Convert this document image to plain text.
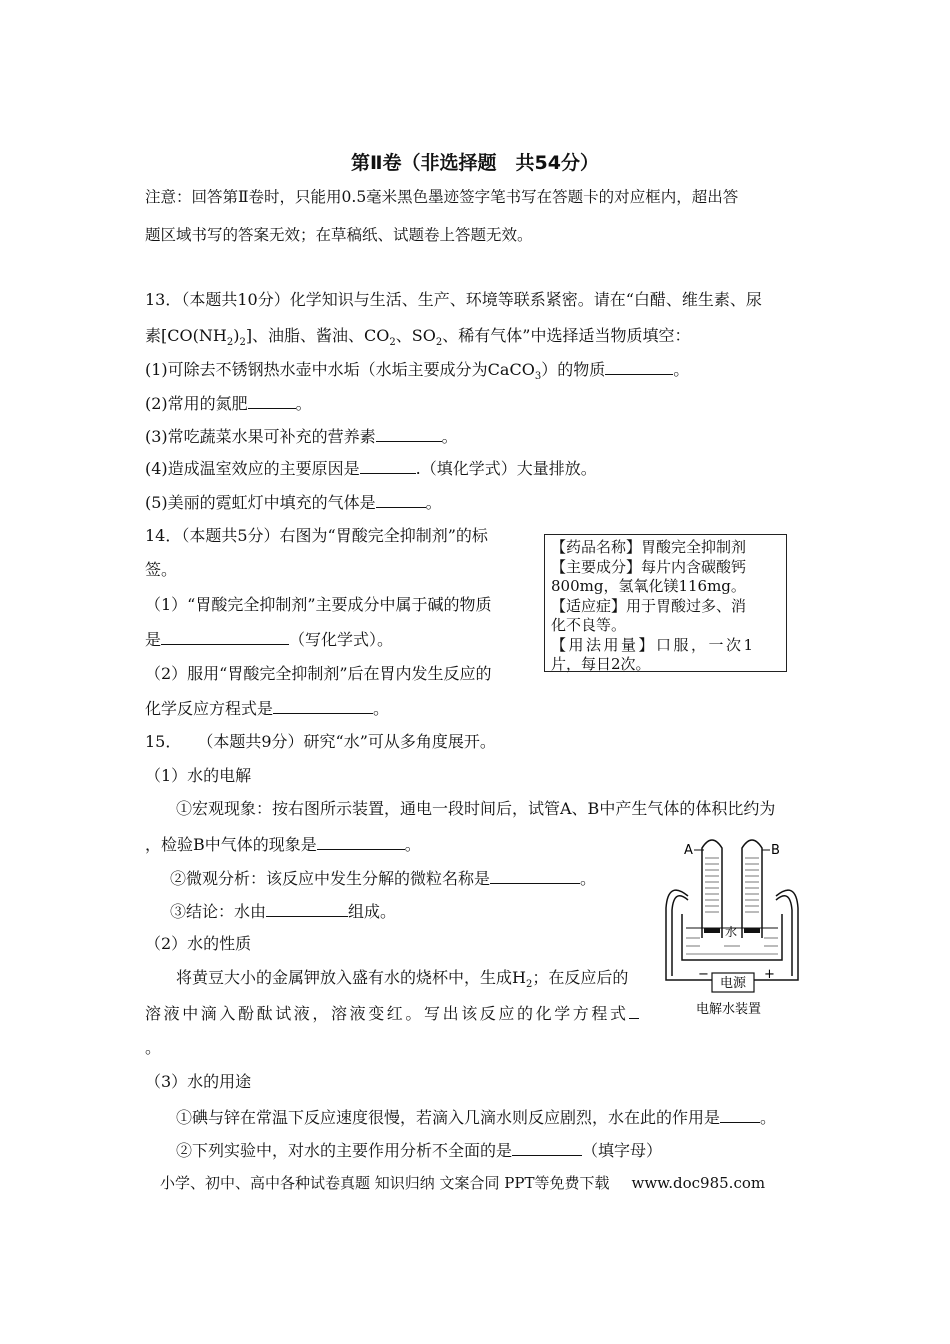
第Ⅱ卷（非选择题　共54分）
注意：回答第Ⅱ卷时，只能用0.5毫米黑色墨迹签字笔书写在答题卡的对应框内，超出答
题区域书写的答案无效；在草稿纸、试题卷上答题无效。
13．（本题共10分）化学知识与生活、生产、环境等联系紧密。请在“白醋、维生素、尿
素$[CO(NH_2)_2]$、油脂、酱油、$CO_2$、$SO_2$、稀有气体”中选择适当物质填空：
(1)可除去不锈钢热水壶中水垢（水垢主要成分为CaCO$_3$）的物质	。
(2)常用的氮肥	。
(3)常吃蔬菜水果可补充的营养素	。
(4)造成温室效应的主要原因是	.（填化学式）大量排放。
(5)美丽的霓虹灯中填充的气体是	。
14．（本题共5分）右图为“胃酸完全抑制剂”的标
签。
（1）“胃酸完全抑制剂”主要成分中属于碱的物质
是	（写化学式）。
（2）服用“胃酸完全抑制剂”后在胃内发生反应的
化学反应方程式是	。
【药品名称】胃酸完全抑制剂
【主要成分】每片内含碳酸钙
800mg，氢氧化镁116mg。
【适应症】用于胃酸过多、消
化不良等。
【用法用量】口服，一次1
片，每日2次。
15．　　（本题共9分）研究“水”可从多角度展开。
（1）水的电解
①宏观现象：按右图所示装置，通电一段时间后，试管A、B中产生气体的体积比约为
，检验B中气体的现象是	。
②微观分析：该反应中发生分解的微粒名称是	。
③结论：水由	组成。
（2）水的性质
将黄豆大小的金属钾放入盛有水的烧杯中，生成$H_2$；在反应后的
溶液中滴入酚酞试液，溶液变红。写出该反应的化学方程式
。
（3）水的用途
①碘与锌在常温下反应速度很慢，若滴入几滴水则反应剧烈，水在此的作用是	。
②下列实验中，对水的主要作用分析不全面的是	（填字母）
A	B
水
电源
−	+
电解水装置
小学、初中、高中各种试卷真题 知识归纳 文案合同 PPT等免费下载 www.doc985.com
